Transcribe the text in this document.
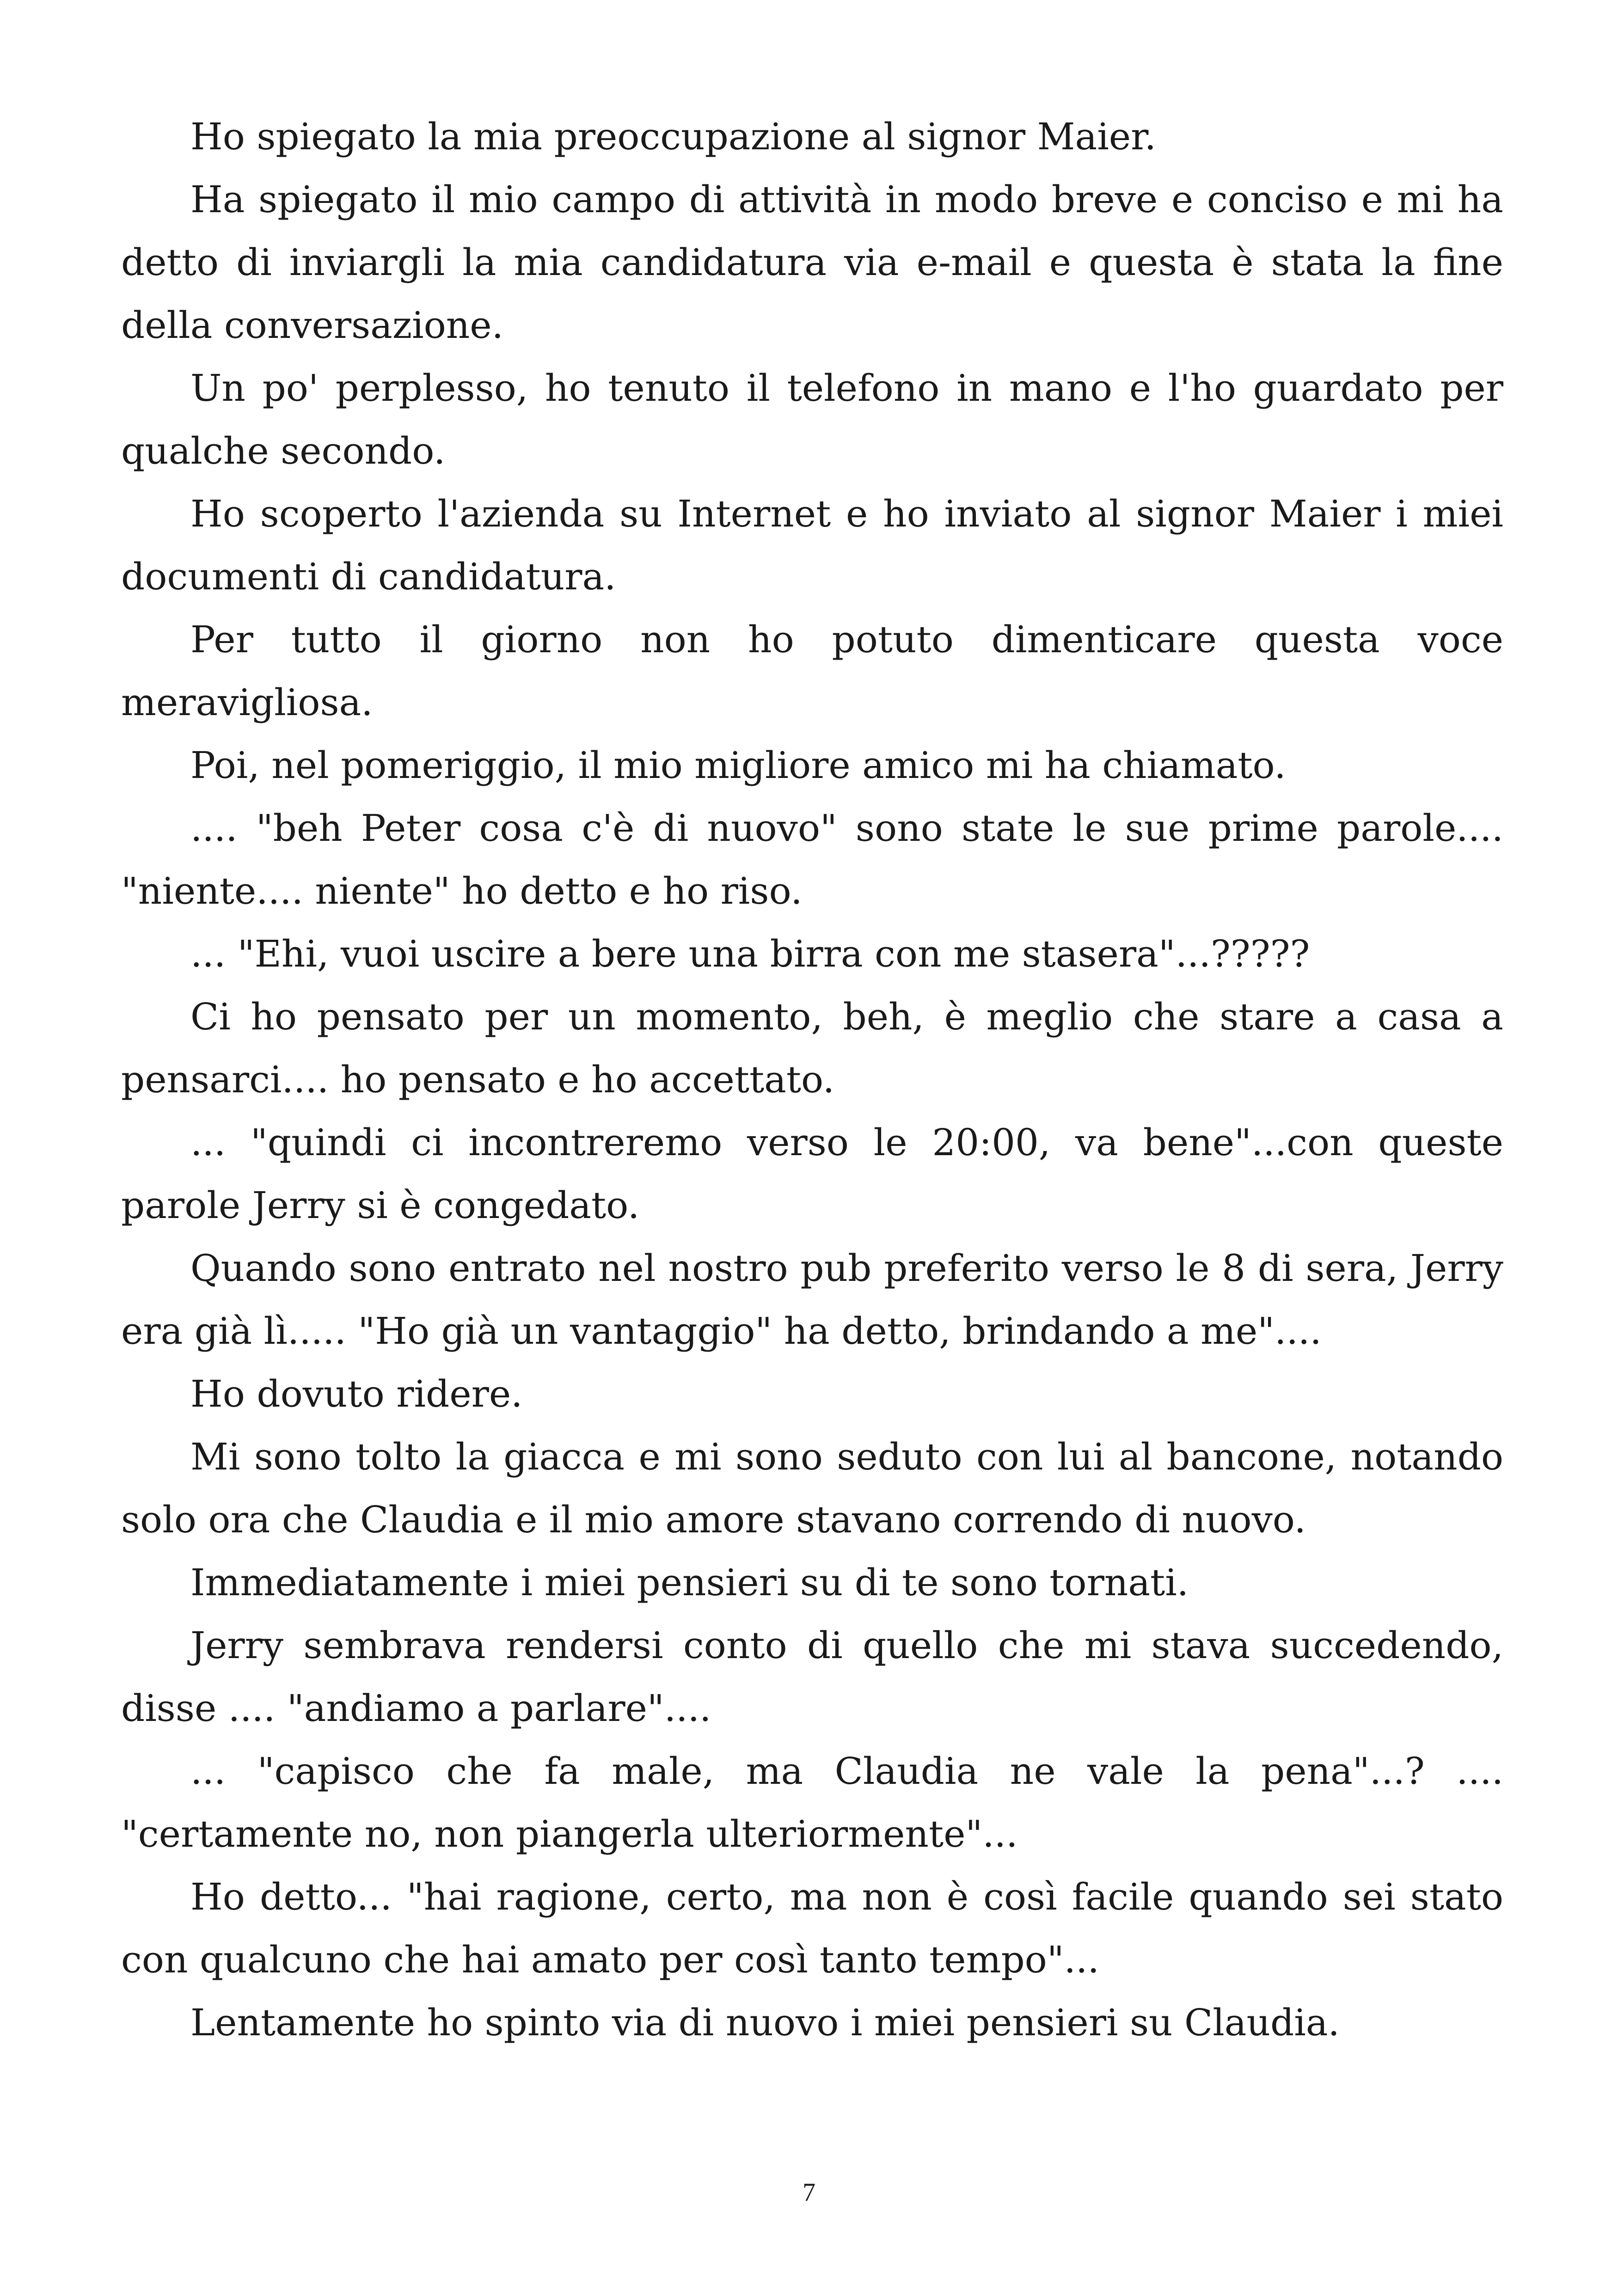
Ho spiegato la mia preoccupazione al signor Maier.

Ha spiegato il mio campo di attività in modo breve e conciso e mi ha detto di inviargli la mia candidatura via e-mail e questa è stata la fine della conversazione.

Un po' perplesso, ho tenuto il telefono in mano e l'ho guardato per qualche secondo.

Ho scoperto l'azienda su Internet e ho inviato al signor Maier i miei documenti di candidatura.

Per tutto il giorno non ho potuto dimenticare questa voce meravigliosa.

Poi, nel pomeriggio, il mio migliore amico mi ha chiamato.

.... "beh Peter cosa c'è di nuovo" sono state le sue prime parole.... "niente.... niente" ho detto e ho riso.

... "Ehi, vuoi uscire a bere una birra con me stasera"...?????

Ci ho pensato per un momento, beh, è meglio che stare a casa a pensarci.... ho pensato e ho accettato.

... "quindi ci incontreremo verso le 20:00, va bene"...con queste parole Jerry si è congedato.

Quando sono entrato nel nostro pub preferito verso le 8 di sera, Jerry era già lì..... "Ho già un vantaggio" ha detto, brindando a me"....

Ho dovuto ridere.

Mi sono tolto la giacca e mi sono seduto con lui al bancone, notando solo ora che Claudia e il mio amore stavano correndo di nuovo.

Immediatamente i miei pensieri su di te sono tornati.

Jerry sembrava rendersi conto di quello che mi stava succedendo, disse .... "andiamo a parlare"....

... "capisco che fa male, ma Claudia ne vale la pena"...? .... "certamente no, non piangerla ulteriormente"...

Ho detto... "hai ragione, certo, ma non è così facile quando sei stato con qualcuno che hai amato per così tanto tempo"...

Lentamente ho spinto via di nuovo i miei pensieri su Claudia.

7
